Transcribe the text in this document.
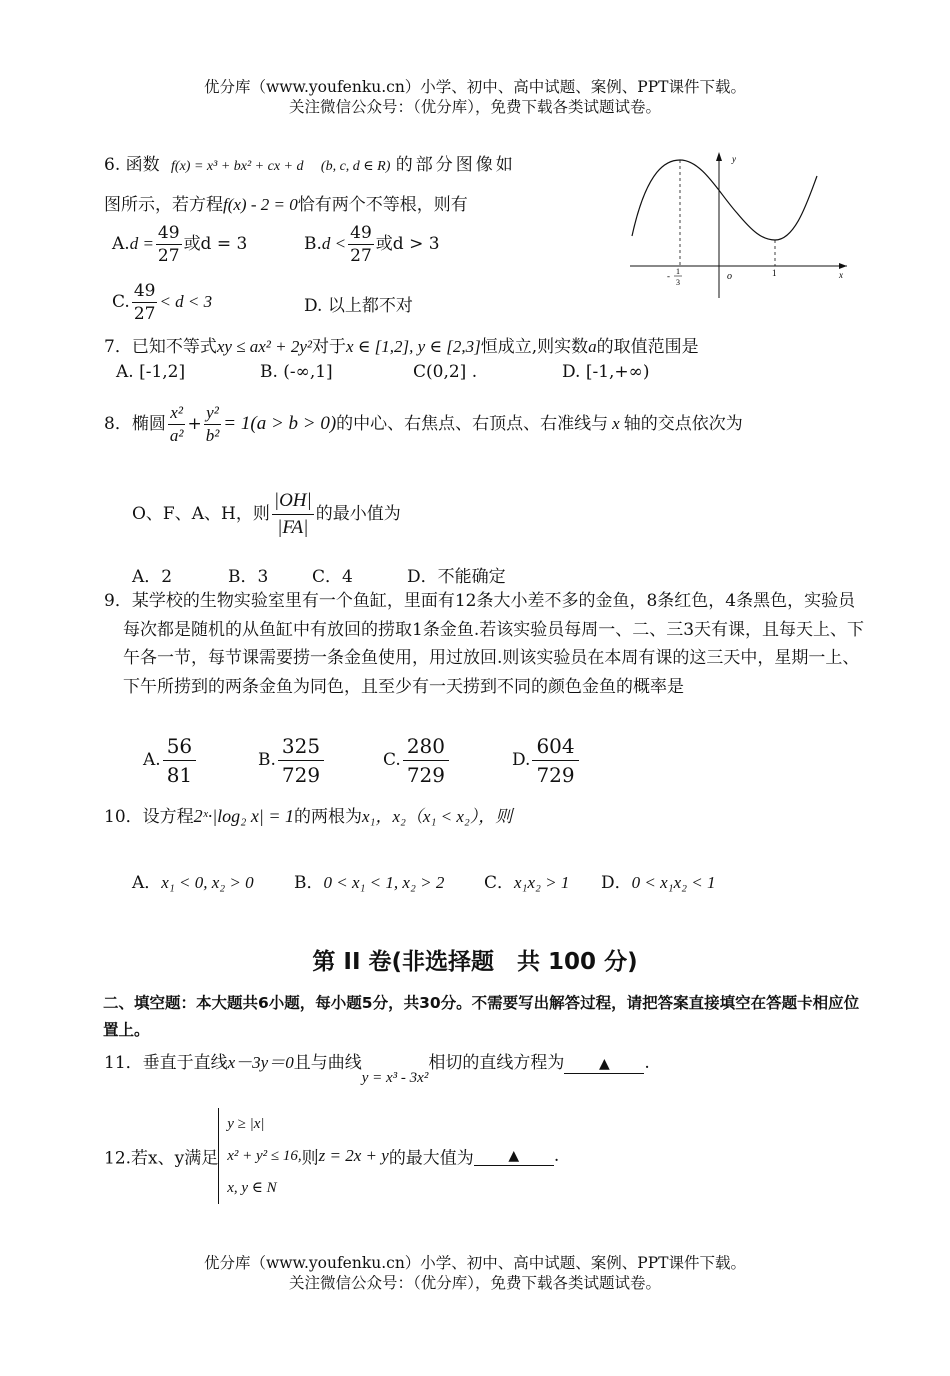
优分库（www.youfenku.cn）小学、初中、高中试题、案例、PPT课件下载。
关注微信公众号：（优分库），免费下载各类试题试卷。
6. 函数 f(x) = x³ + bx² + cx + d (b, c, d ∈ R) 的部分图像如
图所示，若方程f(x) - 2 = 0恰有两个不等根，则有
$A.d = \frac{49}{27}$ 或d = 3	$B.d < \frac{49}{27}$ 或d > 3
C. $\frac{49}{27} < d < 3$	D. 以上都不对
y
x
o	1
- 1
3
7．已知不等式xy ≤ ax² + 2y²对于x ∈ [1,2], y ∈ [2,3]恒成立,则实数a的取值范围是
A. [-1,2]	B. (-∞,1]	C(0,2] .	D. [-1,+∞)
8．椭圆 $\frac{\text{x²}}{\text{a²}} + \frac{\text{y²}}{\text{b²}} = 1(a > b > 0)$的中心、右焦点、右顶点、右准线与 x 轴的交点依次为
O、F、A、H，则 $\frac{|OH|}{|FA|}$ 的最小值为
A．2	B．3	C．4	D．不能确定
9．某学校的生物实验室里有一个鱼缸，里面有12条大小差不多的金鱼，8条红色，4条黑色，实验员每次都是随机的从鱼缸中有放回的捞取1条金鱼.若该实验员每周一、二、三3天有课，且每天上、下午各一节，每节课需要捞一条金鱼使用，用过放回.则该实验员在本周有课的这三天中，星期一上、下午所捞到的两条金鱼为同色，且至少有一天捞到不同的颜色金鱼的概率是
A. $\frac{56}{81}$	B. $\frac{325}{729}$	C. $\frac{280}{729}$	D. $\frac{604}{729}$
10．设方程2ˣ·|log₂ x| = 1的两根为x₁，x₂（x₁ < x₂），则
A．x₁ < 0, x₂ > 0 B．0 < x₁ < 1, x₂ > 2 C．x₁x₂ > 1 D．0 < x₁x₂ < 1
第 II 卷(非选择题　共 100 分)
二、填空题：本大题共6小题，每小题5分，共30分。不需要写出解答过程，请把答案直接填空在答题卡相应位置上。
11．垂直于直线x－3y＝0且与曲线y = x³ - 3x²相切的直线方程为 ▲ .
12.若x、y满足
y ≥ |x|
x² + y² ≤ 16,
x, y ∈ N
则z = 2x + y的最大值为 ▲ .
优分库（www.youfenku.cn）小学、初中、高中试题、案例、PPT课件下载。
关注微信公众号：（优分库），免费下载各类试题试卷。
